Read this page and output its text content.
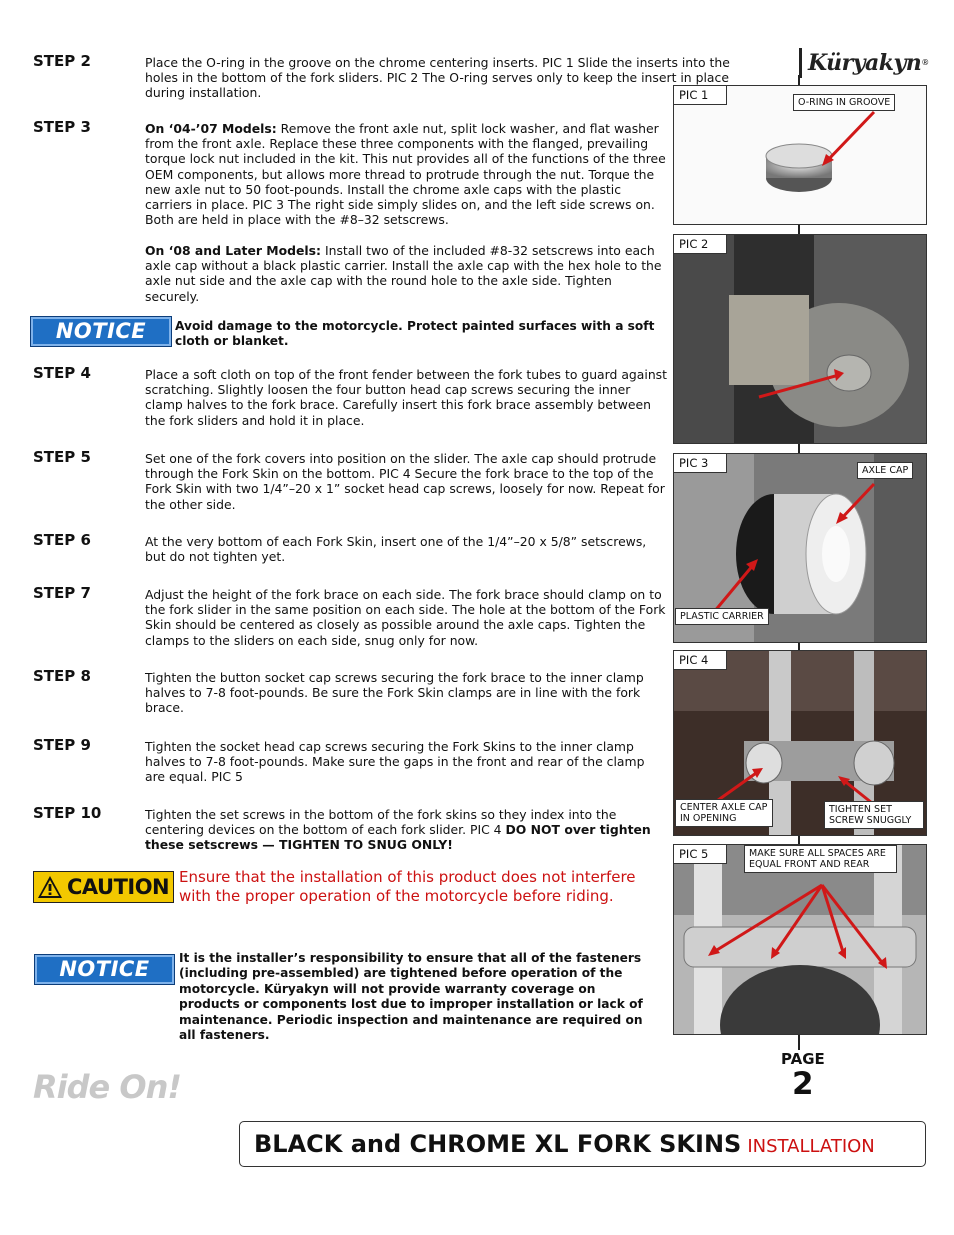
Küryakyn ®
STEP 2	Place the O-ring in the groove on the chrome centering inserts. PIC 1 Slide the inserts into the holes in the bottom of the fork sliders. PIC 2 The O-ring serves only to keep the insert in place during installation.
STEP 3	On ‘04-’07 Models: Remove the front axle nut, split lock washer, and flat washer from the front axle. Replace these three components with the flanged, prevailing torque lock nut included in the kit. This nut provides all of the functions of the three OEM components, but allows more thread to protrude through the nut. Torque the new axle nut to 50 foot-pounds. Install the chrome axle caps with the plastic carriers in place. PIC 3 The right side simply slides on, and the left side screws on. Both are held in place with the #8–32 setscrews.
On ‘08 and Later Models: Install two of the included #8-32 setscrews into each axle cap without a black plastic carrier. Install the axle cap with the hex hole to the axle nut side and the axle cap with the round hole to the axle side. Tighten securely.
NOTICE	Avoid damage to the motorcycle. Protect painted surfaces with a soft cloth or blanket.
STEP 4	Place a soft cloth on top of the front fender between the fork tubes to guard against scratching. Slightly loosen the four button head cap screws securing the inner clamp halves to the fork brace. Carefully insert this fork brace assembly between the fork sliders and hold it in place.
STEP 5	Set one of the fork covers into position on the slider. The axle cap should protrude through the Fork Skin on the bottom. PIC 4 Secure the fork brace to the top of the Fork Skin with two 1/4”–20 x 1” socket head cap screws, loosely for now. Repeat for the other side.
STEP 6	At the very bottom of each Fork Skin, insert one of the 1/4”–20 x 5/8” setscrews, but do not tighten yet.
STEP 7	Adjust the height of the fork brace on each side. The fork brace should clamp on to the fork slider in the same position on each side. The hole at the bottom of the Fork Skin should be centered as closely as possible around the axle caps. Tighten the clamps to the sliders on each side, snug only for now.
STEP 8	Tighten the button socket cap screws securing the fork brace to the inner clamp halves to 7-8 foot-pounds. Be sure the Fork Skin clamps are in line with the fork brace.
STEP 9	Tighten the socket head cap screws securing the Fork Skins to the inner clamp halves to 7-8 foot-pounds. Make sure the gaps in the front and rear of the clamp are equal. PIC 5
STEP 10	Tighten the set screws in the bottom of the fork skins so they index into the centering devices on the bottom of each fork slider. PIC 4 DO NOT over tighten these setscrews — TIGHTEN TO SNUG ONLY!
CAUTION Ensure that the installation of this product does not interfere with the proper operation of the motorcycle before riding.
NOTICE	It is the installer’s responsibility to ensure that all of the fasteners (including pre-assembled) are tightened before operation of the motorcycle. Küryakyn will not provide warranty coverage on products or components lost due to improper installation or lack of maintenance. Periodic inspection and maintenance are required on all fasteners.
PIC 1
O-RING IN GROOVE
PIC 2
PIC 3
AXLE CAP
PLASTIC CARRIER
PIC 4
CENTER AXLE CAP IN OPENING
TIGHTEN SET SCREW SNUGGLY
PIC 5	MAKE SURE ALL SPACES ARE EQUAL FRONT AND REAR
Ride On!
PAGE
2
BLACK and CHROME XL FORK SKINS INSTALLATION
